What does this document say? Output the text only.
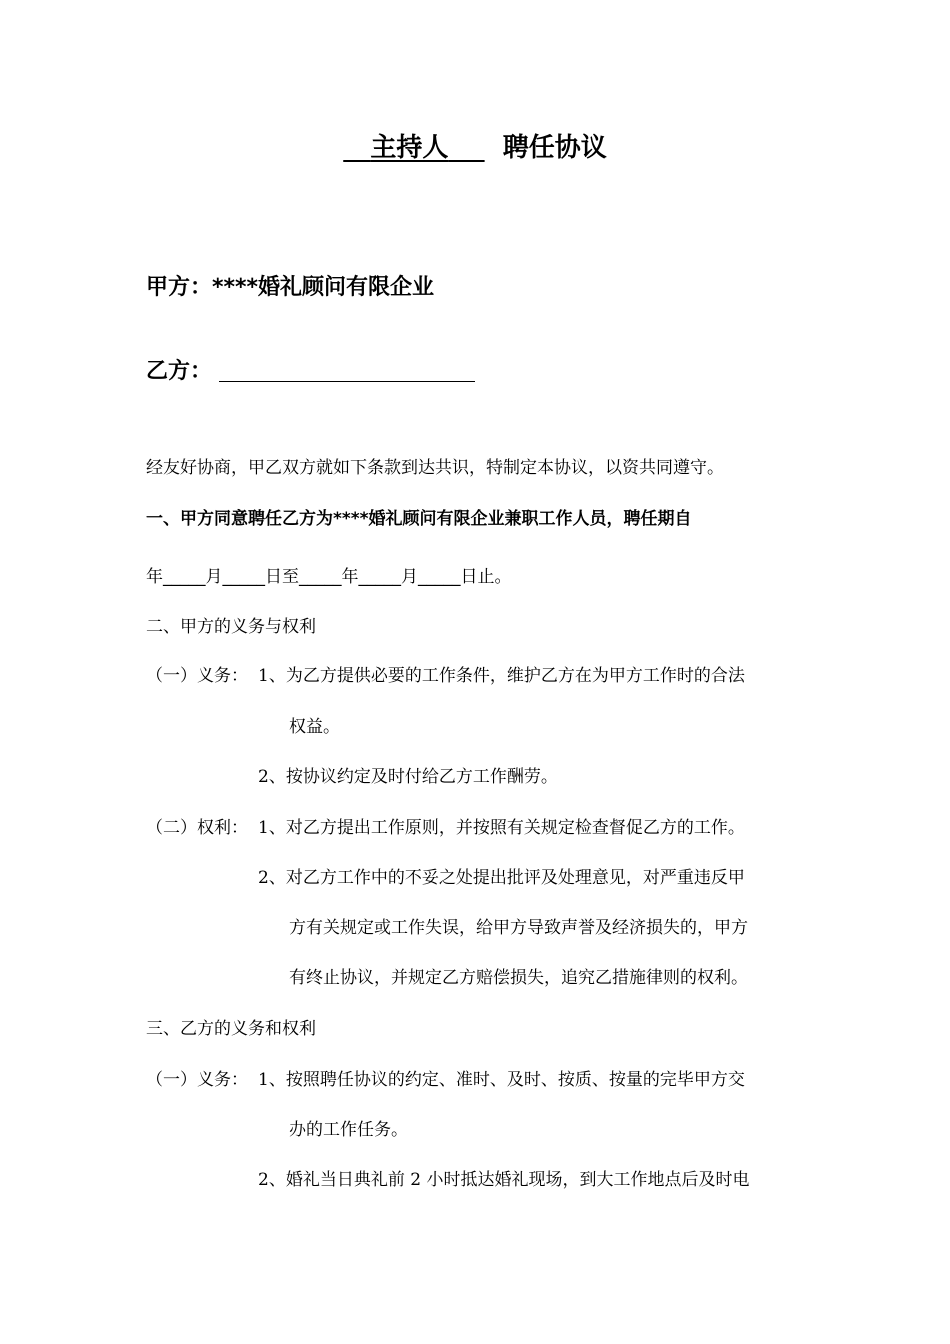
主持人 聘任协议
甲方：****婚礼顾问有限企业
乙方：
经友好协商，甲乙双方就如下条款到达共识，特制定本协议，以资共同遵守。
一、甲方同意聘任乙方为****婚礼顾问有限企业兼职工作人员，聘任期自
年_____月_____日至_____年_____月_____日止。
二、甲方的义务与权利
（一）义务： 1、为乙方提供必要的工作条件，维护乙方在为甲方工作时的合法
权益。
2、按协议约定及时付给乙方工作酬劳。
（二）权利： 1、对乙方提出工作原则，并按照有关规定检查督促乙方的工作。
2、对乙方工作中的不妥之处提出批评及处理意见，对严重违反甲
方有关规定或工作失误，给甲方导致声誉及经济损失的，甲方
有终止协议，并规定乙方赔偿损失，追究乙措施律则的权利。
三、乙方的义务和权利
（一）义务： 1、按照聘任协议的约定、准时、及时、按质、按量的完毕甲方交
办的工作任务。
2、婚礼当日典礼前 2 小时抵达婚礼现场，到大工作地点后及时电
